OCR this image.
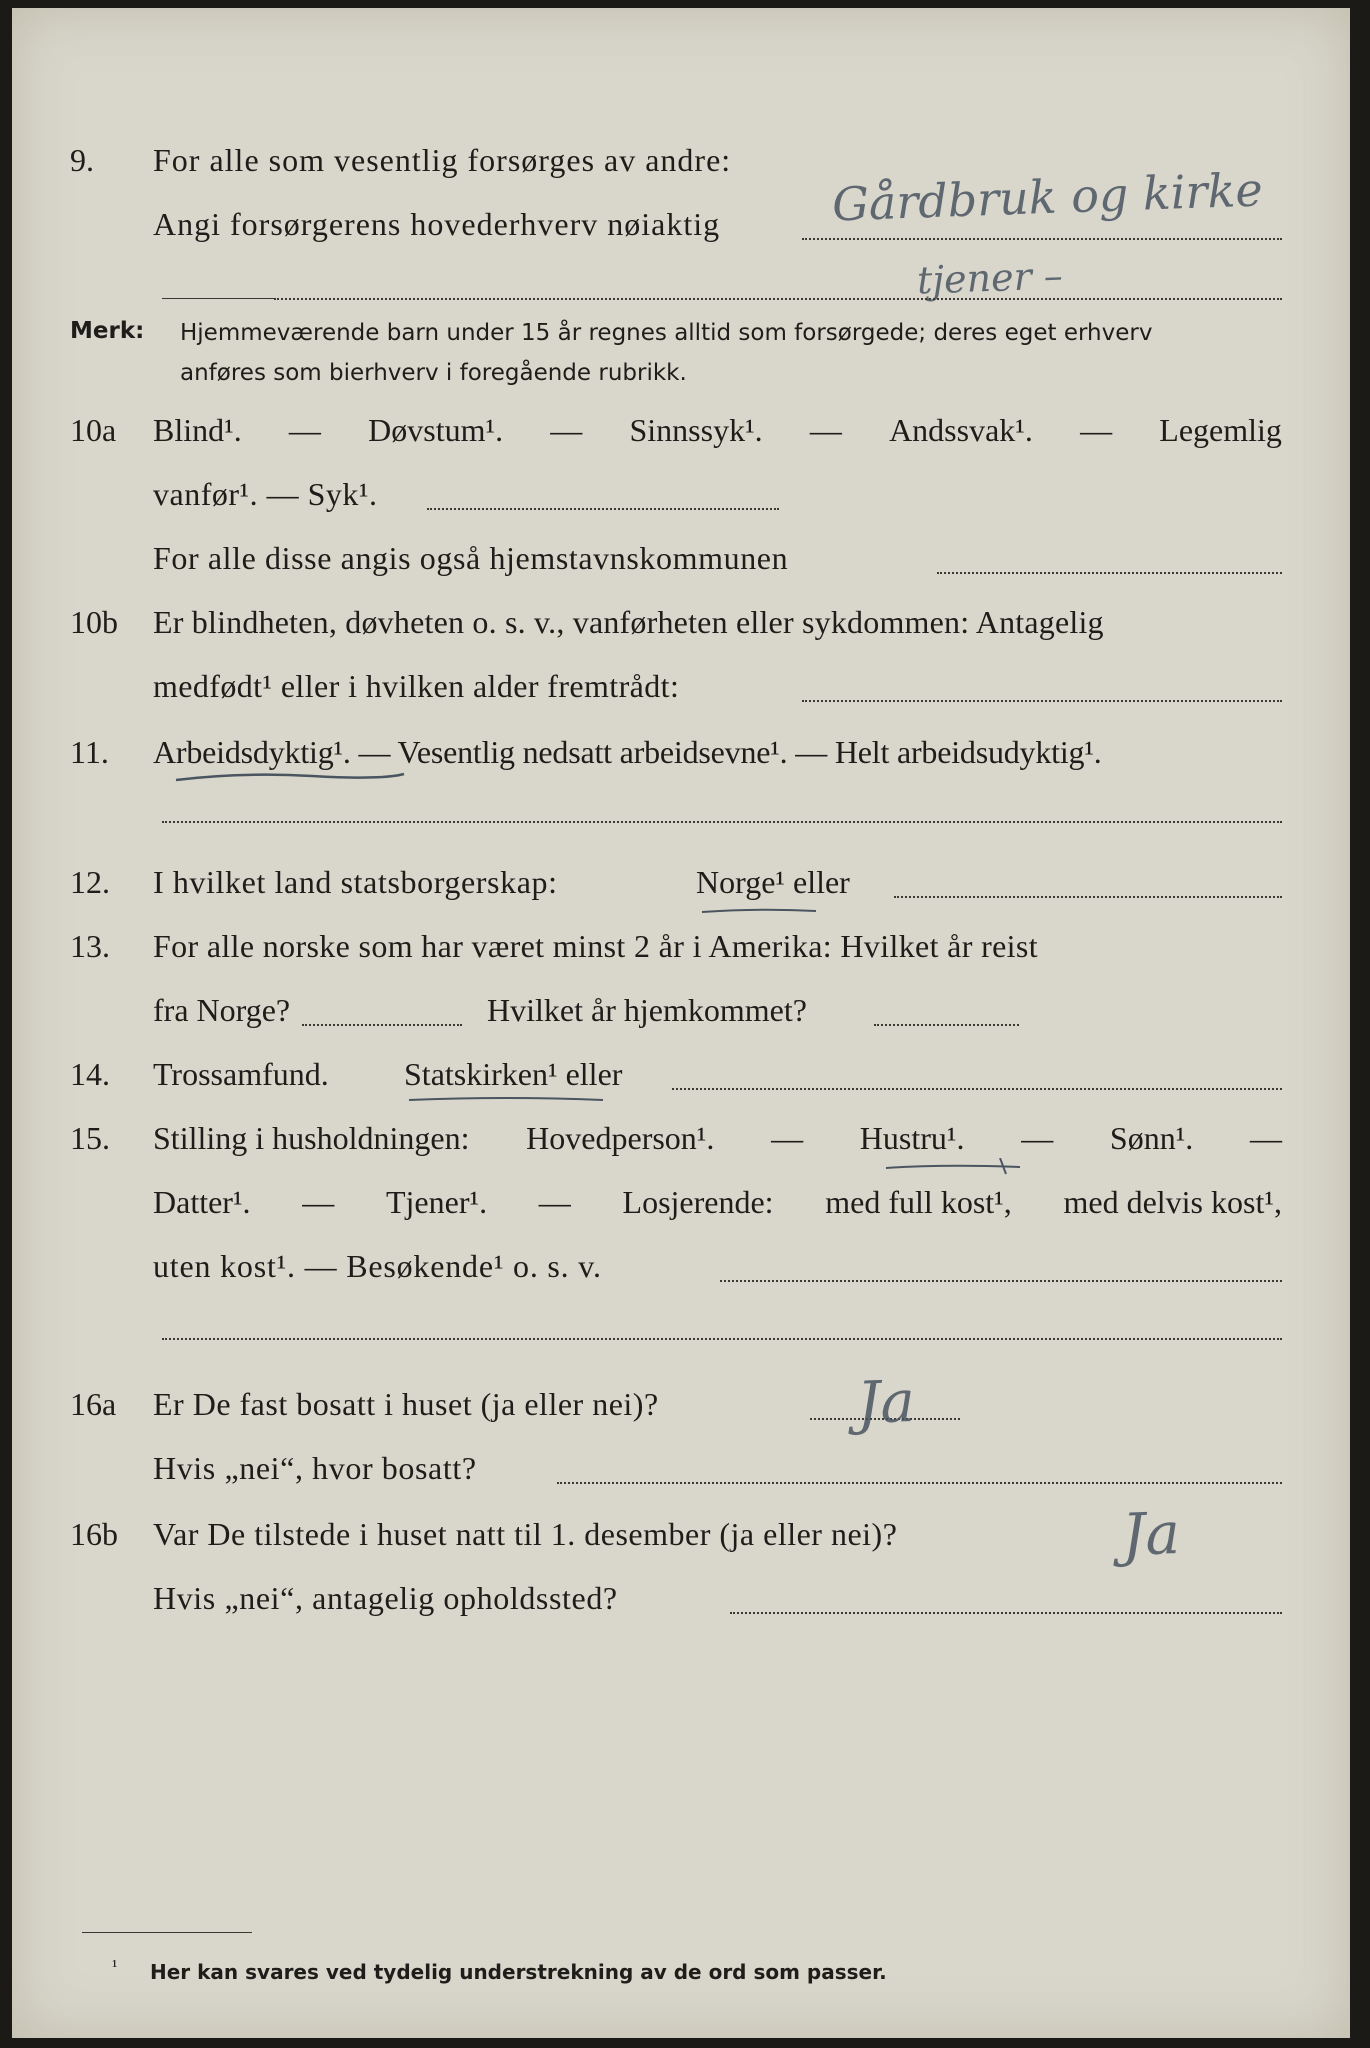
9. For alle som vesentlig forsørges av andre:
Angi forsørgerens hovederhverv nøiaktig	Gårdbruk og kirke
tjener –
Merk: Hjemmeværende barn under 15 år regnes alltid som forsørgede; deres eget erhverv
anføres som bierhverv i foregående rubrikk.
10a Blind¹. — Døvstum¹. — Sinnssyk¹. — Andssvak¹. — Legemlig
vanfør¹. — Syk¹.
For alle disse angis også hjemstavnskommunen
10b Er blindheten, døvheten o. s. v., vanførheten eller sykdommen: Antagelig
medfødt¹ eller i hvilken alder fremtrådt:
11. Arbeidsdyktig¹. — Vesentlig nedsatt arbeidsevne¹. — Helt arbeidsudyktig¹.
12. I hvilket land statsborgerskap:	Norge¹ eller
13. For alle norske som har været minst 2 år i Amerika: Hvilket år reist
fra Norge?	Hvilket år hjemkommet?
14. Trossamfund.	Statskirken¹ eller
15. Stilling i husholdningen: Hovedperson¹. — Hustru¹. — Sønn¹. —
Datter¹. — Tjener¹. — Losjerende: med full kost¹, med delvis kost¹,
uten kost¹. — Besøkende¹ o. s. v.
16a Er De fast bosatt i huset (ja eller nei)?	Ja
Hvis „nei“, hvor bosatt?
16b Var De tilstede i huset natt til 1. desember (ja eller nei)?	Ja
Hvis „nei“, antagelig opholdssted?
¹ Her kan svares ved tydelig understrekning av de ord som passer.
